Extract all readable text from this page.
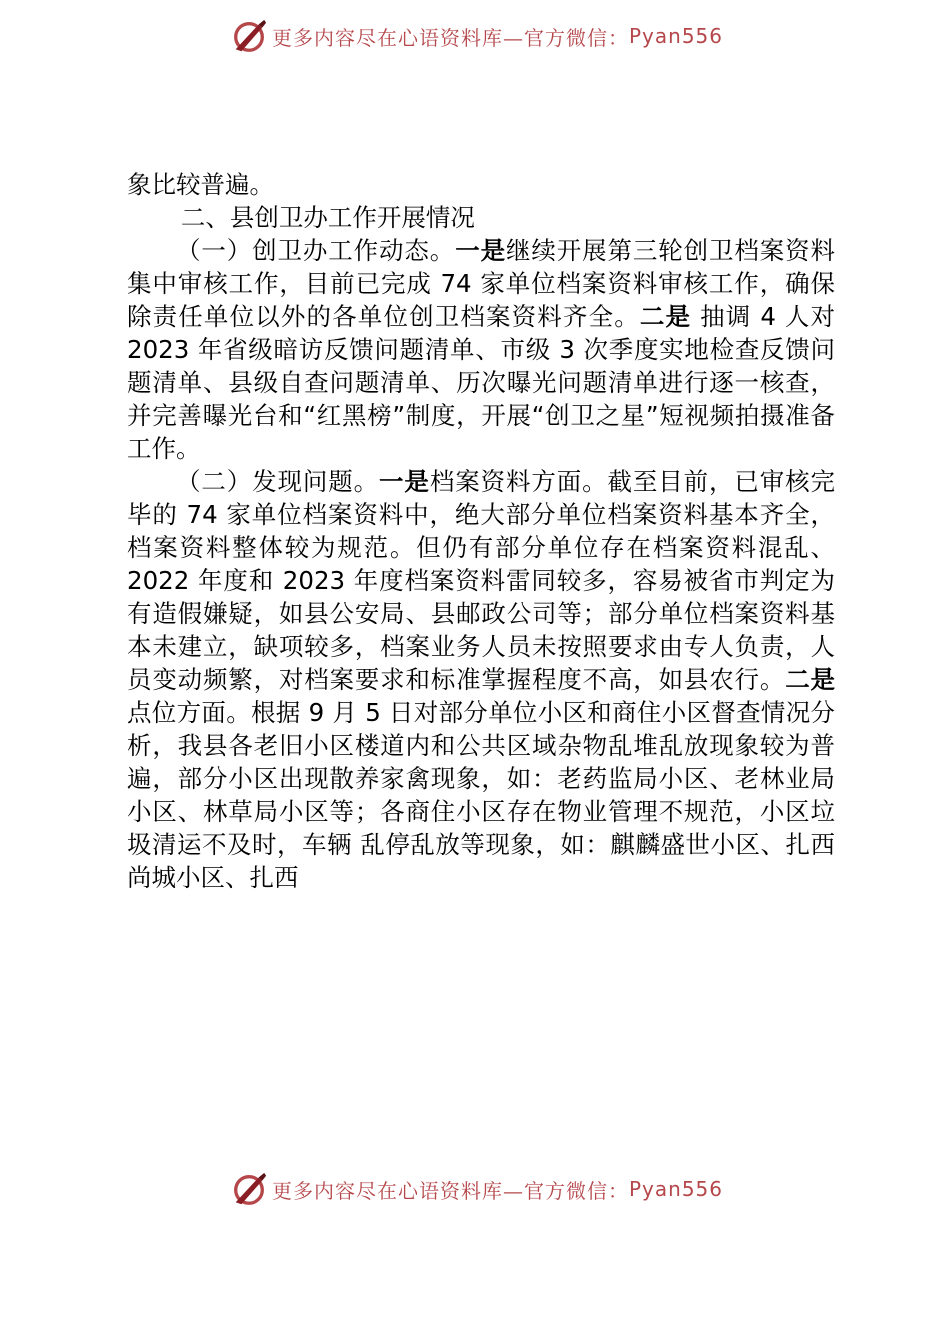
更多内容尽在心语资料库—官方微信： Pyan556

象比较普遍。

二、县创卫办工作开展情况

（一）创卫办工作动态。一是继续开展第三轮创卫档案资料集中审核工作，目前已完成 74 家单位档案资料审核工作，确保除责任单位以外的各单位创卫档案资料齐全。二是 抽调 4 人对 2023 年省级暗访反馈问题清单、市级 3 次季度实地检查反馈问题清单、县级自查问题清单、历次曝光问题清单进行逐一核查，并完善曝光台和“红黑榜”制度，开展“创卫之星”短视频拍摄准备工作。

（二）发现问题。一是档案资料方面。截至目前，已审核完毕的 74 家单位档案资料中，绝大部分单位档案资料基本齐全，档案资料整体较为规范。但仍有部分单位存在档案资料混乱、2022 年度和 2023 年度档案资料雷同较多，容易被省市判定为有造假嫌疑，如县公安局、县邮政公司等；部分单位档案资料基本未建立，缺项较多，档案业务人员未按照要求由专人负责，人员变动频繁，对档案要求和标准掌握程度不高，如县农行。二是点位方面。根据 9 月 5 日对部分单位小区和商住小区督查情况分析，我县各老旧小区楼道内和公共区域杂物乱堆乱放现象较为普遍，部分小区出现散养家禽现象，如：老药监局小区、老林业局小区、林草局小区等；各商住小区存在物业管理不规范，小区垃圾清运不及时，车辆 乱停乱放等现象，如：麒麟盛世小区、扎西尚城小区、扎西

更多内容尽在心语资料库—官方微信： Pyan556
